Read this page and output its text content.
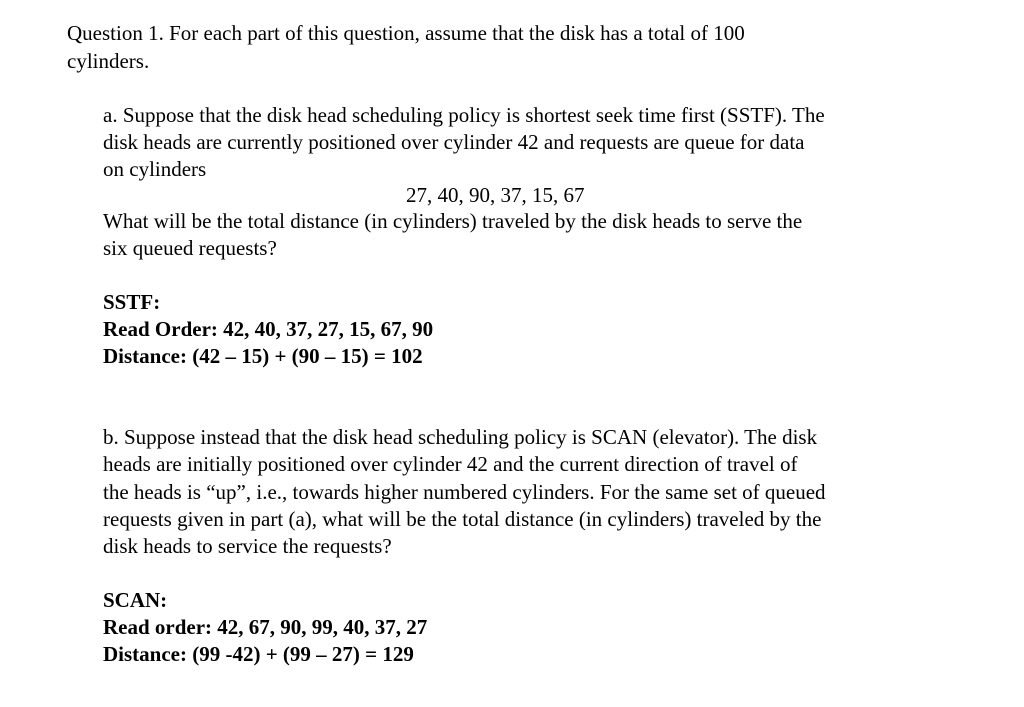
Question 1. For each part of this question, assume that the disk has a total of 100
cylinders.
a. Suppose that the disk head scheduling policy is shortest seek time first (SSTF). The
disk heads are currently positioned over cylinder 42 and requests are queue for data
on cylinders
27, 40, 90, 37, 15, 67
What will be the total distance (in cylinders) traveled by the disk heads to serve the
six queued requests?
SSTF:
Read Order: 42, 40, 37, 27, 15, 67, 90
Distance: (42 – 15) + (90 – 15) = 102
b. Suppose instead that the disk head scheduling policy is SCAN (elevator). The disk
heads are initially positioned over cylinder 42 and the current direction of travel of
the heads is “up”, i.e., towards higher numbered cylinders. For the same set of queued
requests given in part (a), what will be the total distance (in cylinders) traveled by the
disk heads to service the requests?
SCAN:
Read order: 42, 67, 90, 99, 40, 37, 27
Distance: (99 -42) + (99 – 27) = 129
